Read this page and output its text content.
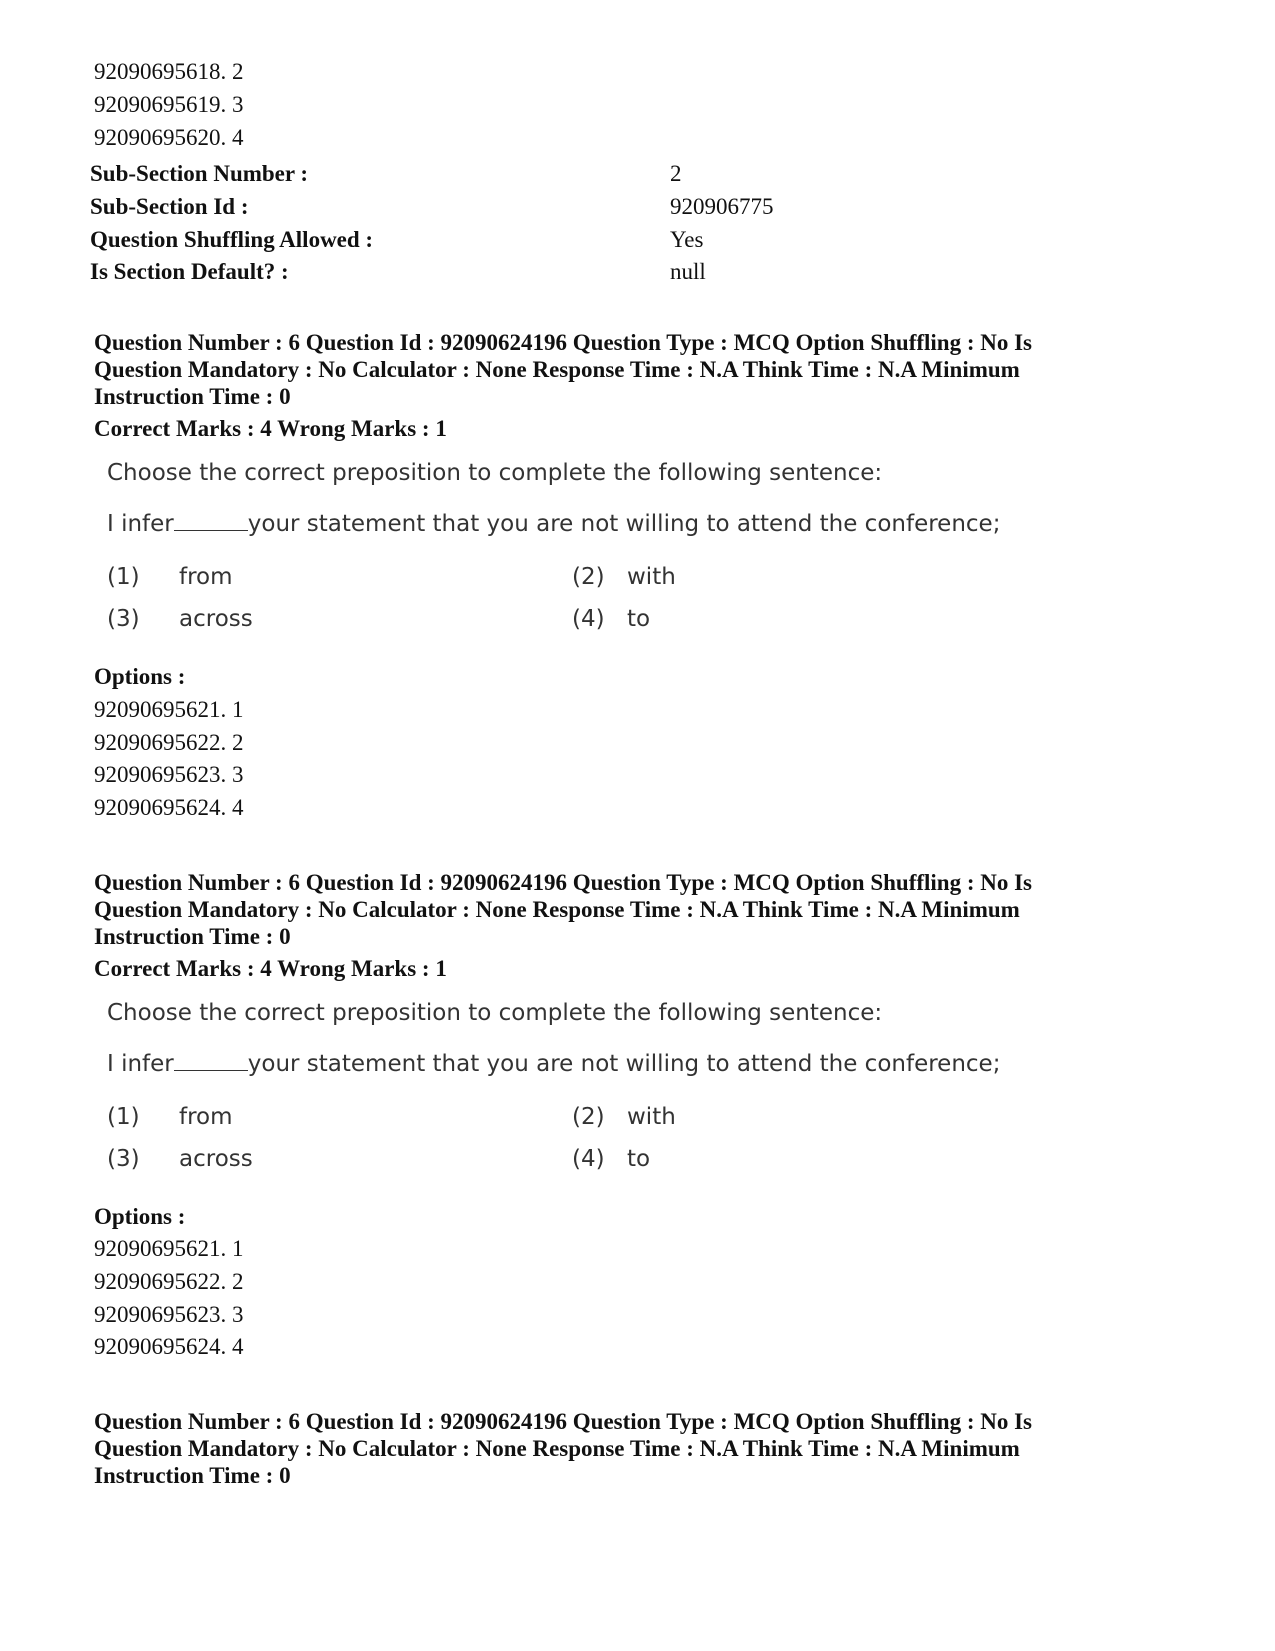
92090695618. 2
92090695619. 3
92090695620. 4
Sub-Section Number :	2
Sub-Section Id :	920906775
Question Shuffling Allowed :	Yes
Is Section Default? :	null
Question Number : 6 Question Id : 92090624196 Question Type : MCQ Option Shuffling : No Is
Question Mandatory : No Calculator : None Response Time : N.A Think Time : N.A Minimum
Instruction Time : 0
Correct Marks : 4 Wrong Marks : 1
Choose the correct preposition to complete the following sentence:
I infer	your statement that you are not willing to attend the conference;
(1) from	(2) with
(3) across	(4) to
Options :
92090695621. 1
92090695622. 2
92090695623. 3
92090695624. 4
Question Number : 6 Question Id : 92090624196 Question Type : MCQ Option Shuffling : No Is
Question Mandatory : No Calculator : None Response Time : N.A Think Time : N.A Minimum
Instruction Time : 0
Correct Marks : 4 Wrong Marks : 1
Choose the correct preposition to complete the following sentence:
I infer	your statement that you are not willing to attend the conference;
(1) from	(2) with
(3) across	(4) to
Options :
92090695621. 1
92090695622. 2
92090695623. 3
92090695624. 4
Question Number : 6 Question Id : 92090624196 Question Type : MCQ Option Shuffling : No Is
Question Mandatory : No Calculator : None Response Time : N.A Think Time : N.A Minimum
Instruction Time : 0
